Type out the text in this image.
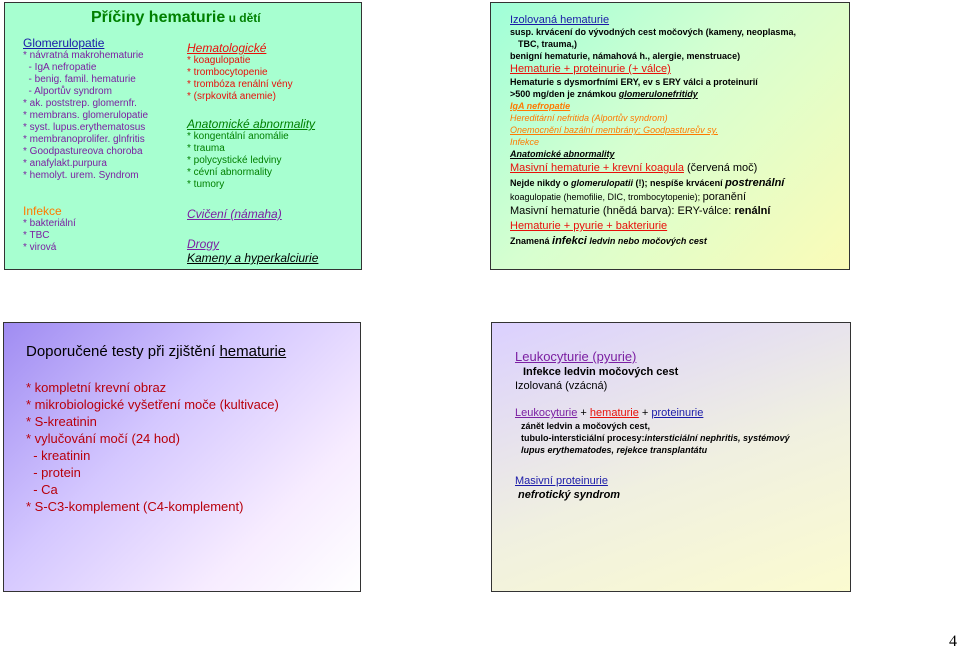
Příčiny hematurie u dětí
Glomerulopatie
* návratná makrohematurie
- IgA nefropatie
- benig. famil. hematurie
- Alportův syndrom
* ak. poststrep. glomernfr.
* membrans. glomerulopatie
* syst. lupus.erythematosus
* membranoprolifer. glnfritis
* Goodpastureova choroba
* anafylakt.purpura
* hemolyt. urem. Syndrom
Infekce
* bakteriální
* TBC
* virová
Hematologické
* koagulopatie
* trombocytopenie
* trombóza renální vény
* (srpkovitá anemie)
Anatomické abnormality
* kongentální anomálie
* trauma
* polycystické ledviny
* cévní abnormality
* tumory
Cvičení (námaha)
Drogy
Kameny a hyperkalciurie
Izolovaná hematurie
susp. krvácení do vývodných cest močových (kameny, neoplasma,
TBC, trauma,)
benigní hematurie, námahová h., alergie, menstruace)
Hematurie + proteinurie (+ válce)
Hematurie s dysmorfními ERY, ev s ERY válci a proteinurií
>500 mg/den je známkou glomerulonefritidy
IgA nefropatie
Hereditární nefritida (Alportův syndrom)
Onemocnění bazální membrány; Goodpastureův sy.
Infekce
Anatomické abnormality
Masivní hematurie + krevní koagula (červená moč)
Nejde nikdy o glomerulopatii (!); nespíše krvácení postrenální
koagulopatie (hemofilie, DIC, trombocytopenie); poranění
Masivní hematurie (hnědá barva): ERY-válce: renální
Hematurie + pyurie + bakteriurie
Znamená infekci ledvin nebo močových cest
Doporučené testy při zjištění hematurie
* kompletní krevní obraz
* mikrobiologické vyšetření moče (kultivace)
* S-kreatinin
* vylučování močí (24 hod)
- kreatinin
- protein
- Ca
* S-C3-komplement (C4-komplement)
Leukocyturie (pyurie)
Infekce ledvin močových cest
Izolovaná (vzácná)
Leukocyturie + hematurie + proteinurie
zánět ledvin a močových cest,
tubulo-intersticiální procesy:intersticiální nephritis, systémový
lupus erythematodes, rejekce transplantátu
Masivní proteinurie
nefrotický syndrom
4
